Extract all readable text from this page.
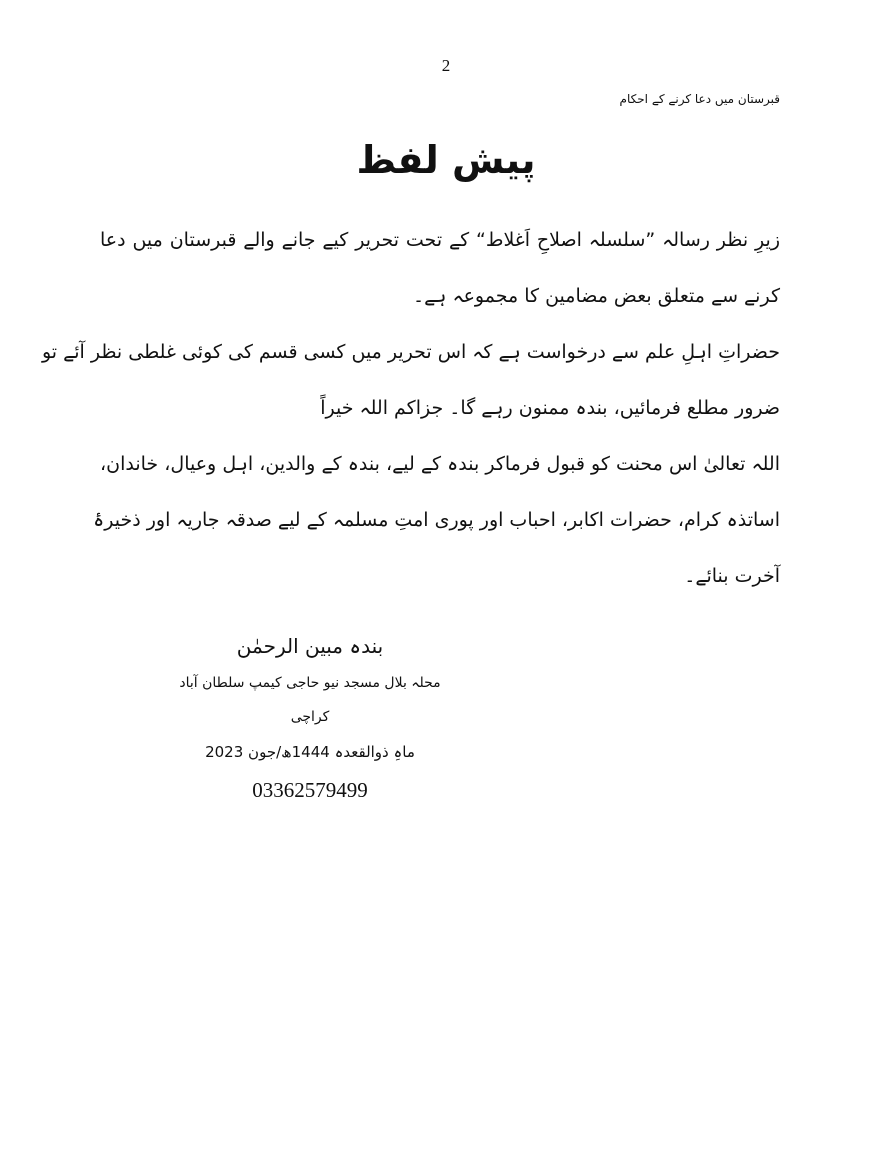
2
قبرستان میں دعا کرنے کے احکام
پیش لفظ
زیرِ نظر رسالہ ”سلسلہ اصلاحِ اَغلاط“ کے تحت تحریر کیے جانے والے قبرستان میں دعا
کرنے سے متعلق بعض مضامین کا مجموعہ ہے۔
حضراتِ اہلِ علم سے درخواست ہے کہ اس تحریر میں کسی قسم کی کوئی غلطی نظر آئے تو
ضرور مطلع فرمائیں، بندہ ممنون رہے گا۔ جزاکم اللہ خیراً
اللہ تعالیٰ اس محنت کو قبول فرماکر بندہ کے لیے، بندہ کے والدین، اہل وعیال، خاندان،
اساتذہ کرام، حضرات اکابر، احباب اور پوری امتِ مسلمہ کے لیے صدقہ جاریہ اور ذخیرۂ
آخرت بنائے۔
بندہ مبین الرحمٰن
محلہ بلال مسجد نیو حاجی کیمپ سلطان آباد کراچی
ماہِ ذوالقعدہ 1444ھ/جون 2023
03362579499
